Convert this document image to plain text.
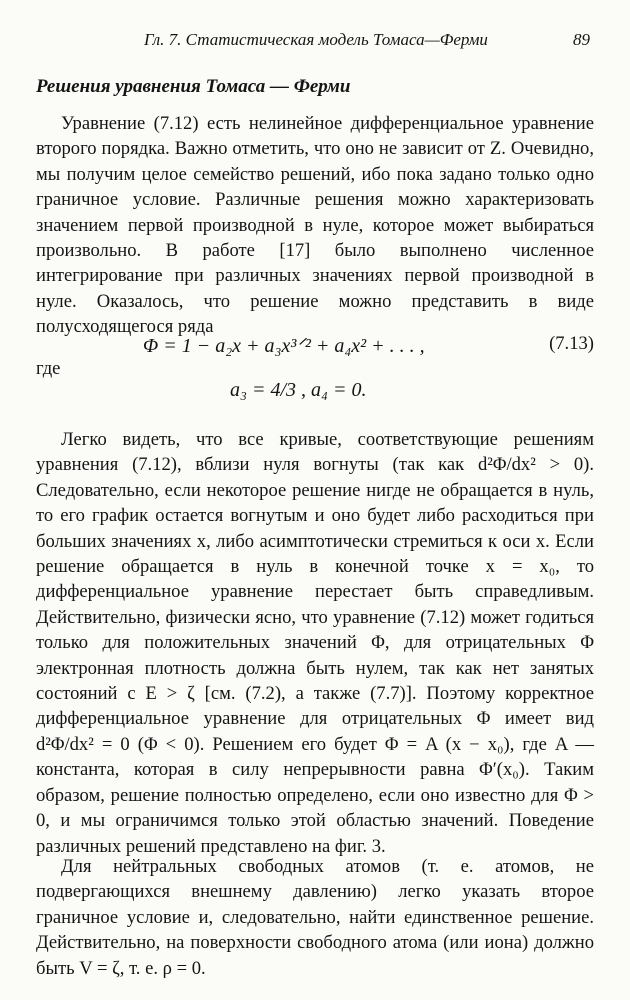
Гл. 7. Статистическая модель Томаса—Ферми	89
Решения уравнения Томаса — Ферми

Уравнение (7.12) есть нелинейное дифференциальное уравнение второго порядка. Важно отметить, что оно не зависит от Z. Очевидно, мы получим целое семейство решений, ибо пока задано только одно граничное условие. Различные решения можно характеризовать значением первой производной в нуле, которое может выбираться произвольно. В работе [17] было выполнено численное интегрирование при различных значениях первой производной в нуле. Оказалось, что решение можно представить в виде полусходящегося ряда

Φ = 1 − a₂x + a₃x³ᐟ² + a₄x² + . . . ,	(7.13)
где
a₃ = 4/3 , a₄ = 0.

Легко видеть, что все кривые, соответствующие решениям уравнения (7.12), вблизи нуля вогнуты (так как d²Φ/dx² > 0). Следовательно, если некоторое решение нигде не обращается в нуль, то его график остается вогнутым и оно будет либо расходиться при больших значениях x, либо асимптотически стремиться к оси x. Если решение обращается в нуль в конечной точке x = x₀, то дифференциальное уравнение перестает быть справедливым. Действительно, физически ясно, что уравнение (7.12) может годиться только для положительных значений Φ, для отрицательных Φ электронная плотность должна быть нулем, так как нет занятых состояний с E > ζ [см. (7.2), а также (7.7)]. Поэтому корректное дифференциальное уравнение для отрицательных Φ имеет вид d²Φ/dx² = 0 (Φ < 0). Решением его будет Φ = A (x − x₀), где A — константа, которая в силу непрерывности равна Φ′(x₀). Таким образом, решение полностью определено, если оно известно для Φ > 0, и мы ограничимся только этой областью значений. Поведение различных решений представлено на фиг. 3.

Для нейтральных свободных атомов (т. е. атомов, не подвергающихся внешнему давлению) легко указать второе граничное условие и, следовательно, найти единственное решение. Действительно, на поверхности свободного атома (или иона) должно быть V = ζ, т. е. ρ = 0.
